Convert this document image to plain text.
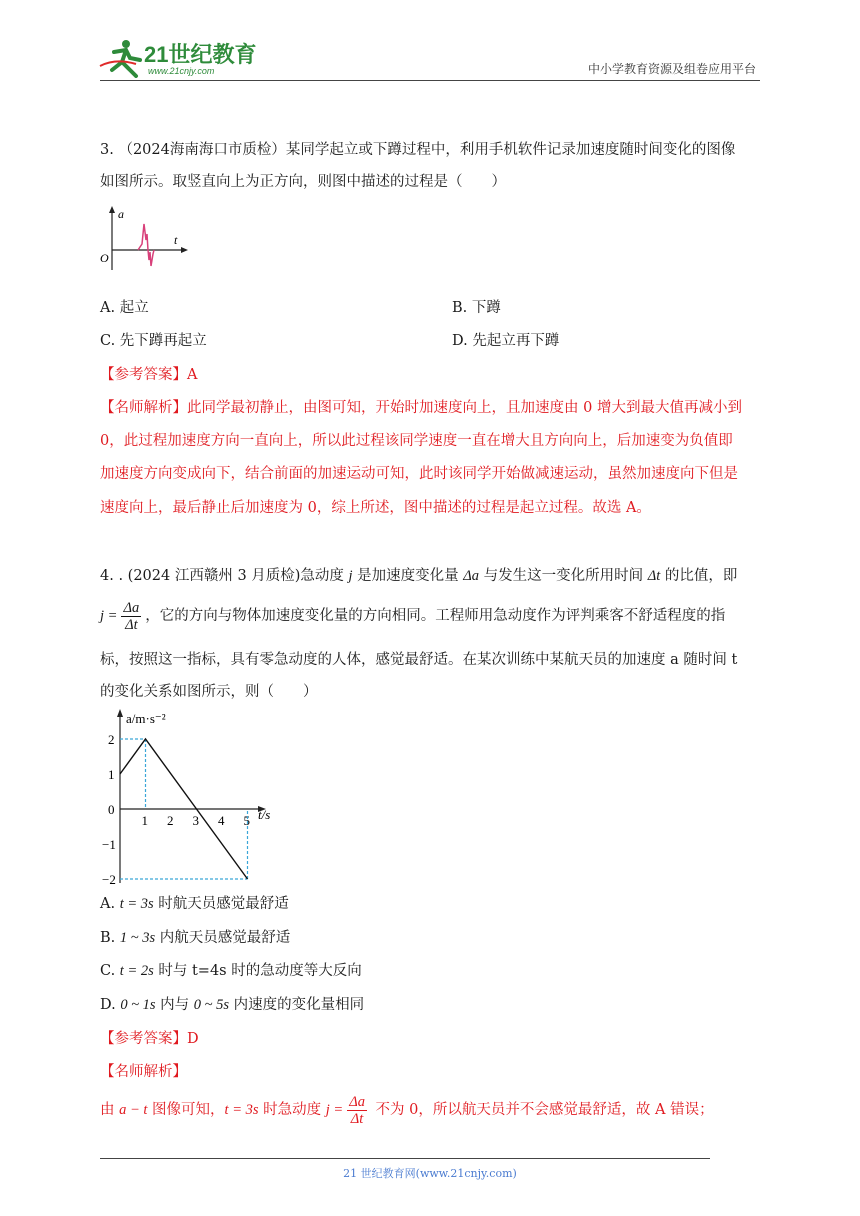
21世纪教育
www.21cnjy.com	中小学教育资源及组卷应用平台
3. （2024海南海口市质检）某同学起立或下蹲过程中，利用手机软件记录加速度随时间变化的图像
如图所示。取竖直向上为正方向，则图中描述的过程是（　　）
a
t
O
A. 起立	B. 下蹲
C. 先下蹲再起立	D. 先起立再下蹲
【参考答案】A
【名师解析】此同学最初静止，由图可知，开始时加速度向上，且加速度由 0 增大到最大值再减小到
0，此过程加速度方向一直向上，所以此过程该同学速度一直在增大且方向向上，后加速变为负值即
加速度方向变成向下，结合前面的加速运动可知，此时该同学开始做减速运动，虽然加速度向下但是
速度向上，最后静止后加速度为 0，综上所述，图中描述的过程是起立过程。故选 A。
4. . (2024 江西赣州 3 月质检)急动度 j 是加速度变化量 Δa 与发生这一变化所用时间 Δt 的比值，即
$j = \frac{\Delta a}{\Delta t}$ ，它的方向与物体加速度变化量的方向相同。工程师用急动度作为评判乘客不舒适程度的指
标，按照这一指标，具有零急动度的人体，感觉最舒适。在某次训练中某航天员的加速度 a 随时间 t
的变化关系如图所示，则（　　）
a/m·s⁻²
t/s
1 2 3 4 5
2
1
0
−1
−2
A. t = 3s 时航天员感觉最舒适
B. 1 ~ 3s 内航天员感觉最舒适
C. t = 2s 时与 t=4s 时的急动度等大反向
D. 0 ~ 1s 内与 0 ~ 5s 内速度的变化量相同
【参考答案】D
【名师解析】
由 a − t 图像可知，t = 3s 时急动度 $j = \frac{\Delta a}{\Delta t}$ 不为 0，所以航天员并不会感觉最舒适，故 A 错误；
21 世纪教育网(www.21cnjy.com)
